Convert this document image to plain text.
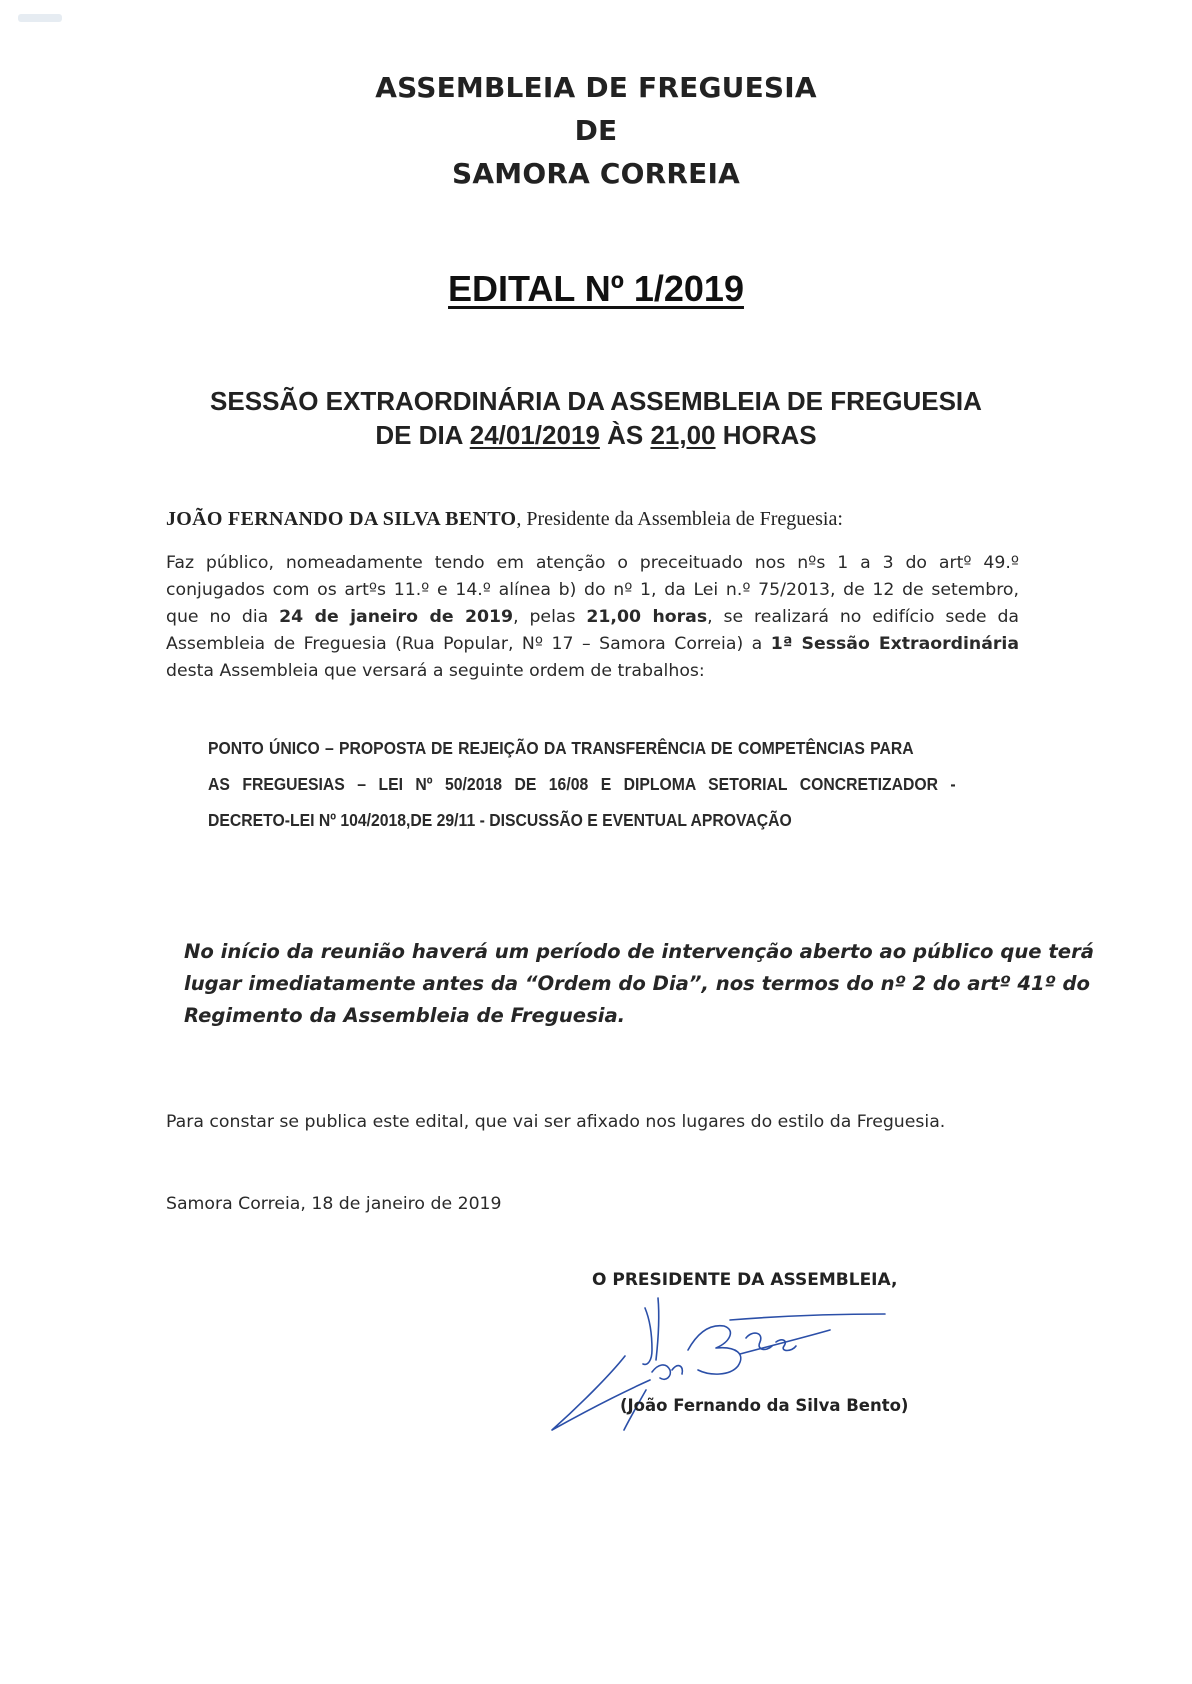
ASSEMBLEIA DE FREGUESIA
DE
SAMORA CORREIA
EDITAL Nº 1/2019
SESSÃO EXTRAORDINÁRIA DA ASSEMBLEIA DE FREGUESIA
DE DIA 24/01/2019 ÀS 21,00 HORAS
JOÃO FERNANDO DA SILVA BENTO, Presidente da Assembleia de Freguesia:
Faz público, nomeadamente tendo em atenção o preceituado nos nºs 1 a 3 do artº 49.º
conjugados com os artºs 11.º e 14.º alínea b) do nº 1, da Lei n.º 75/2013, de 12 de setembro,
que no dia 24 de janeiro de 2019, pelas 21,00 horas, se realizará no edifício sede da
Assembleia de Freguesia (Rua Popular, Nº 17 – Samora Correia) a 1ª Sessão Extraordinária
desta Assembleia que versará a seguinte ordem de trabalhos:
PONTO ÚNICO – PROPOSTA DE REJEIÇÃO DA TRANSFERÊNCIA DE COMPETÊNCIAS PARA
AS FREGUESIAS – LEI Nº 50/2018 DE 16/08 E DIPLOMA SETORIAL CONCRETIZADOR -
DECRETO-LEI Nº 104/2018,DE 29/11 - DISCUSSÃO E EVENTUAL APROVAÇÃO
No início da reunião haverá um período de intervenção aberto ao público que terá
lugar imediatamente antes da “Ordem do Dia”, nos termos do nº 2 do artº 41º do
Regimento da Assembleia de Freguesia.
Para constar se publica este edital, que vai ser afixado nos lugares do estilo da Freguesia.
Samora Correia, 18 de janeiro de 2019
O PRESIDENTE DA ASSEMBLEIA,
(João Fernando da Silva Bento)
